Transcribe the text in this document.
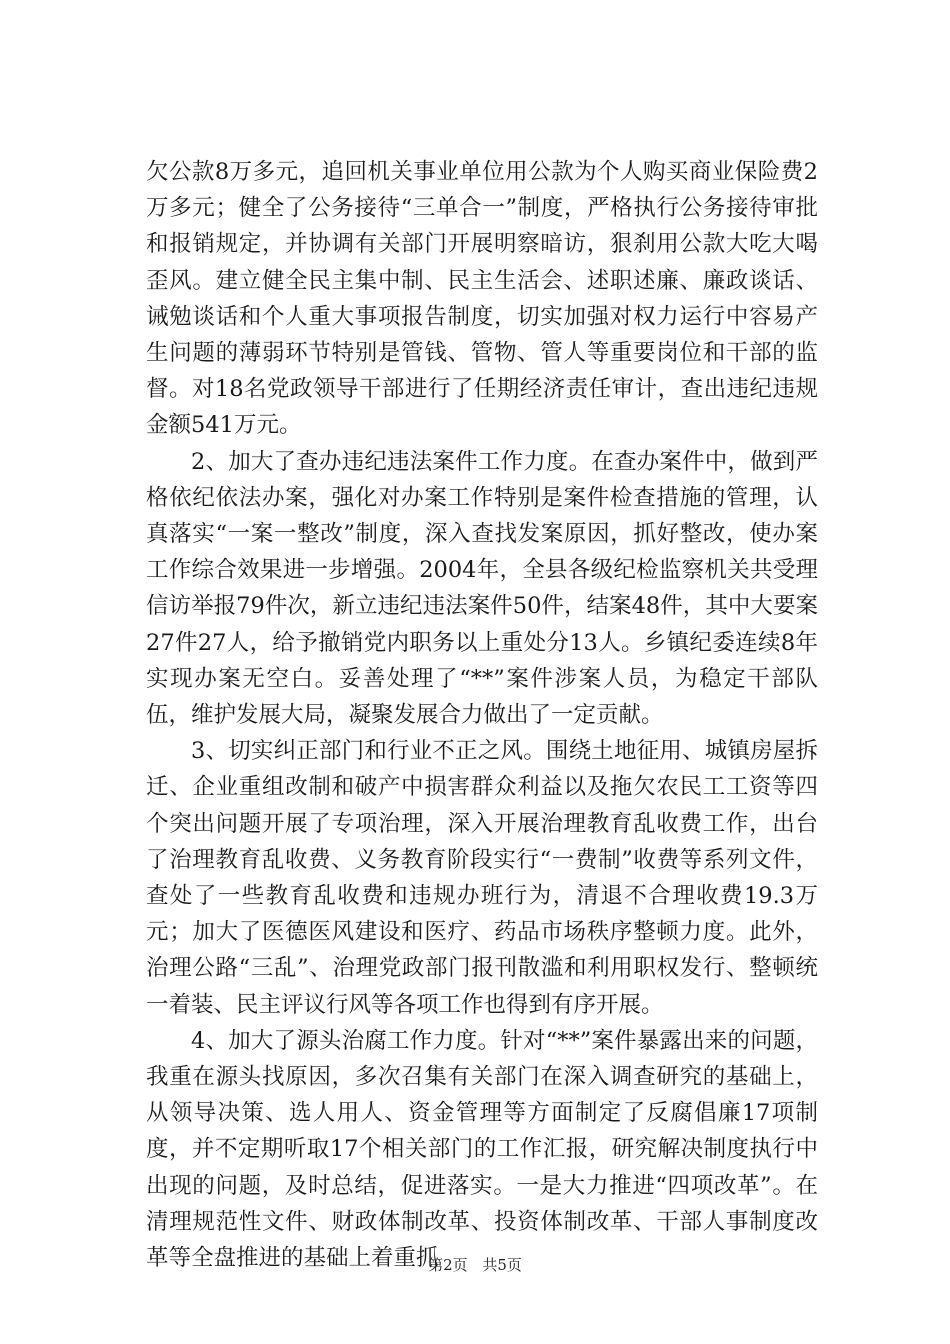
欠公款8万多元，追回机关事业单位用公款为个人购买商业保险费2万多元；健全了公务接待“三单合一”制度，严格执行公务接待审批和报销规定，并协调有关部门开展明察暗访，狠刹用公款大吃大喝歪风。建立健全民主集中制、民主生活会、述职述廉、廉政谈话、诫勉谈话和个人重大事项报告制度，切实加强对权力运行中容易产生问题的薄弱环节特别是管钱、管物、管人等重要岗位和干部的监督。对18名党政领导干部进行了任期经济责任审计，查出违纪违规金额541万元。

2、加大了查办违纪违法案件工作力度。在查办案件中，做到严格依纪依法办案，强化对办案工作特别是案件检查措施的管理，认真落实“一案一整改”制度，深入查找发案原因，抓好整改，使办案工作综合效果进一步增强。2004年，全县各级纪检监察机关共受理信访举报79件次，新立违纪违法案件50件，结案48件，其中大要案27件27人，给予撤销党内职务以上重处分13人。乡镇纪委连续8年实现办案无空白。妥善处理了“**”案件涉案人员，为稳定干部队伍，维护发展大局，凝聚发展合力做出了一定贡献。

3、切实纠正部门和行业不正之风。围绕土地征用、城镇房屋拆迁、企业重组改制和破产中损害群众利益以及拖欠农民工工资等四个突出问题开展了专项治理，深入开展治理教育乱收费工作，出台了治理教育乱收费、义务教育阶段实行“一费制”收费等系列文件，查处了一些教育乱收费和违规办班行为，清退不合理收费19.3万元；加大了医德医风建设和医疗、药品市场秩序整顿力度。此外，治理公路“三乱”、治理党政部门报刊散滥和利用职权发行、整顿统一着装、民主评议行风等各项工作也得到有序开展。

4、加大了源头治腐工作力度。针对“**”案件暴露出来的问题，我重在源头找原因，多次召集有关部门在深入调查研究的基础上，从领导决策、选人用人、资金管理等方面制定了反腐倡廉17项制度，并不定期听取17个相关部门的工作汇报，研究解决制度执行中出现的问题，及时总结，促进落实。一是大力推进“四项改革”。在清理规范性文件、财政体制改革、投资体制改革、干部人事制度改革等全盘推进的基础上着重抓

第2页 共5页
